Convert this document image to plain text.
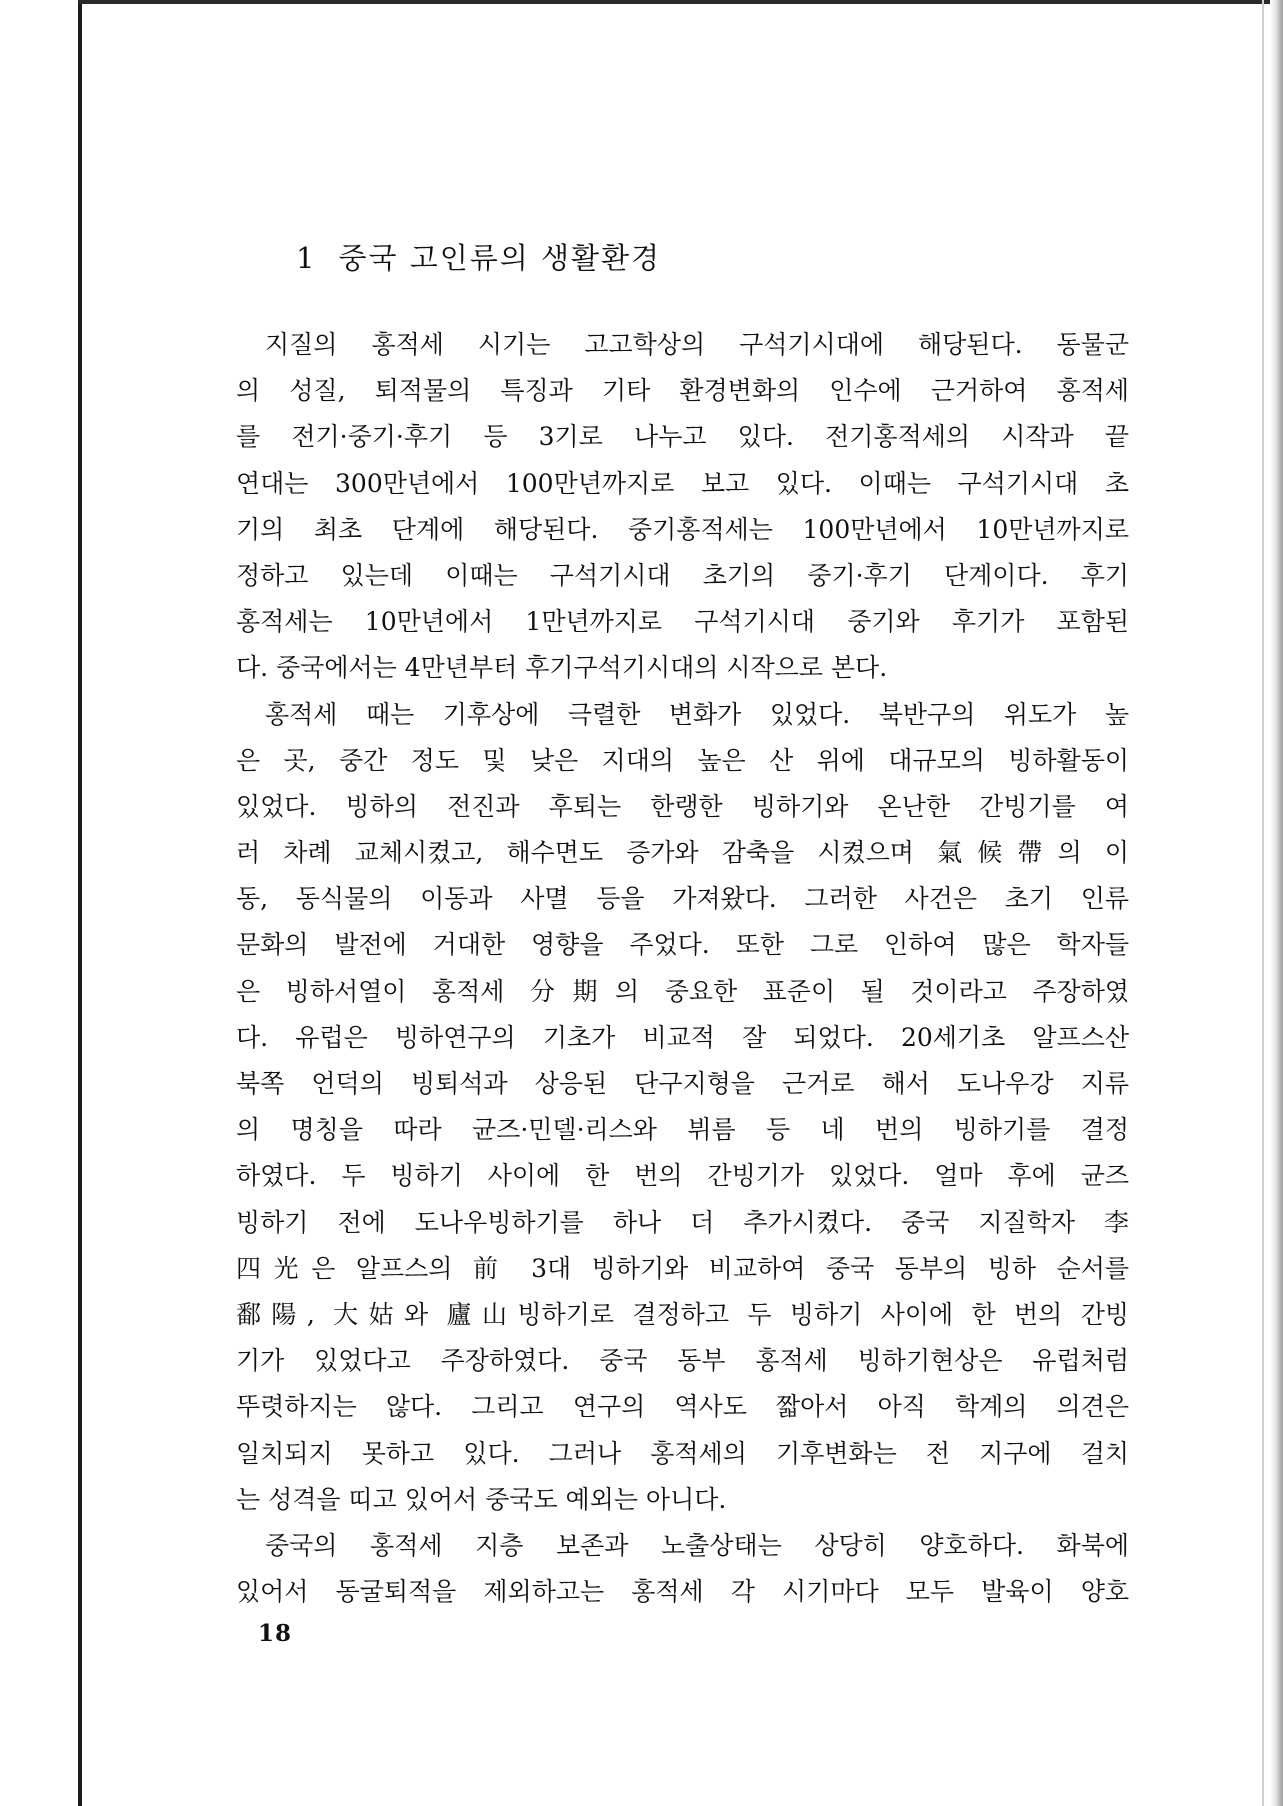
1 중국 고인류의 생활환경
지질의 홍적세 시기는 고고학상의 구석기시대에 해당된다. 동물군
의 성질, 퇴적물의 특징과 기타 환경변화의 인수에 근거하여 홍적세
를 전기·중기·후기 등 3기로 나누고 있다. 전기홍적세의 시작과 끝
연대는 300만년에서 100만년까지로 보고 있다. 이때는 구석기시대 초
기의 최초 단계에 해당된다. 중기홍적세는 100만년에서 10만년까지로
정하고 있는데 이때는 구석기시대 초기의 중기·후기 단계이다. 후기
홍적세는 10만년에서 1만년까지로 구석기시대 중기와 후기가 포함된
다. 중국에서는 4만년부터 후기구석기시대의 시작으로 본다.
홍적세 때는 기후상에 극렬한 변화가 있었다. 북반구의 위도가 높
은 곳, 중간 정도 및 낮은 지대의 높은 산 위에 대규모의 빙하활동이
있었다. 빙하의 전진과 후퇴는 한랭한 빙하기와 온난한 간빙기를 여
러 차례 교체시켰고, 해수면도 증가와 감축을 시켰으며 氣候帶의 이
동, 동식물의 이동과 사멸 등을 가져왔다. 그러한 사건은 초기 인류
문화의 발전에 거대한 영향을 주었다. 또한 그로 인하여 많은 학자들
은 빙하서열이 홍적세 分期의 중요한 표준이 될 것이라고 주장하였
다. 유럽은 빙하연구의 기초가 비교적 잘 되었다. 20세기초 알프스산
북쪽 언덕의 빙퇴석과 상응된 단구지형을 근거로 해서 도나우강 지류
의 명칭을 따라 균즈·민델·리스와 뷔름 등 네 번의 빙하기를 결정
하였다. 두 빙하기 사이에 한 번의 간빙기가 있었다. 얼마 후에 균즈
빙하기 전에 도나우빙하기를 하나 더 추가시켰다. 중국 지질학자 李
四光은 알프스의 前 3대 빙하기와 비교하여 중국 동부의 빙하 순서를
鄱陽, 大姑와 廬山빙하기로 결정하고 두 빙하기 사이에 한 번의 간빙
기가 있었다고 주장하였다. 중국 동부 홍적세 빙하기현상은 유럽처럼
뚜렷하지는 않다. 그리고 연구의 역사도 짧아서 아직 학계의 의견은
일치되지 못하고 있다. 그러나 홍적세의 기후변화는 전 지구에 걸치
는 성격을 띠고 있어서 중국도 예외는 아니다.
중국의 홍적세 지층 보존과 노출상태는 상당히 양호하다. 화북에
있어서 동굴퇴적을 제외하고는 홍적세 각 시기마다 모두 발육이 양호
18
